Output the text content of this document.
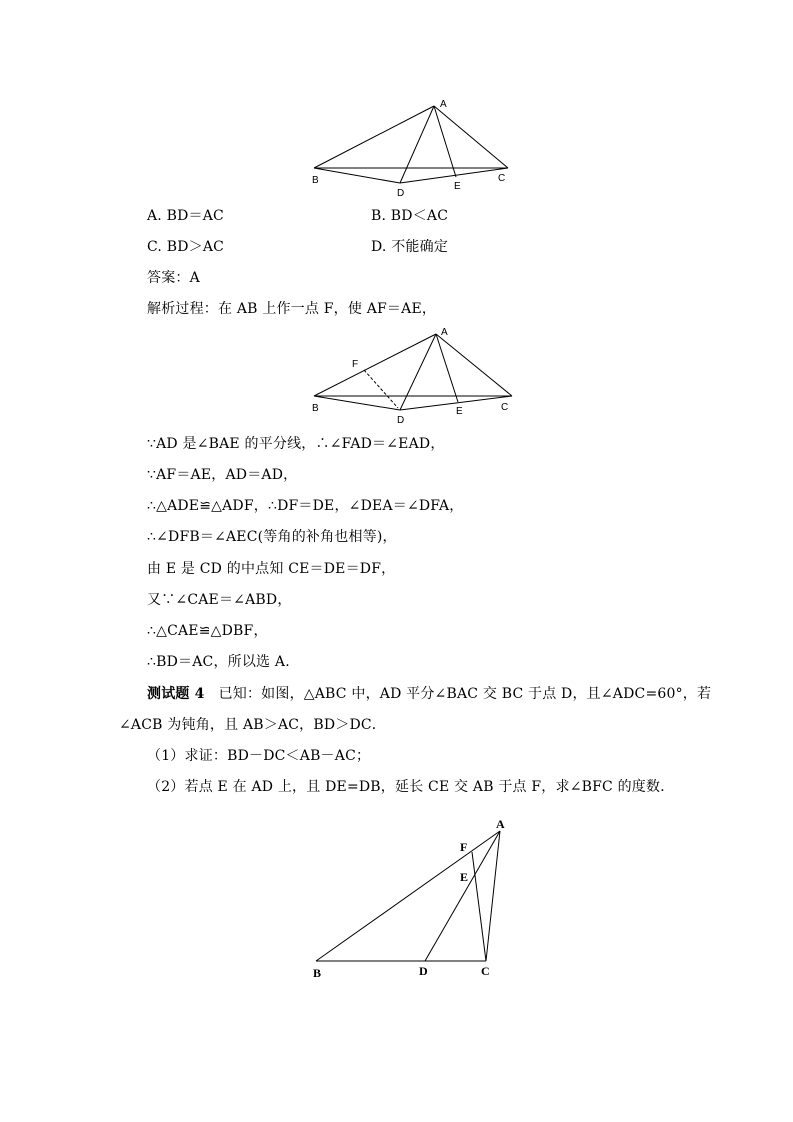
A
B	C
D
E
A. BD＝AC	B. BD＜AC
C. BD＞AC	D. 不能确定
答案：A
解析过程：在 AB 上作一点 F，使 AF＝AE，
A
F
B	C
D
E
∵AD 是∠BAE 的平分线，∴∠FAD＝∠EAD，
∵AF＝AE，AD＝AD，
∴△ADE≌△ADF，∴DF＝DE，∠DEA＝∠DFA，
∴∠DFB＝∠AEC(等角的补角也相等)，
由 E 是 CD 的中点知 CE＝DE＝DF，
又∵∠CAE＝∠ABD，
∴△CAE≌△DBF，
∴BD＝AC，所以选 A.
测试题 4 已知：如图，△ABC 中，AD 平分∠BAC 交 BC 于点 D，且∠ADC=60°，若
∠ACB 为钝角，且 AB＞AC，BD＞DC．
（1）求证：BD－DC＜AB－AC；
（2）若点 E 在 AD 上，且 DE=DB，延长 CE 交 AB 于点 F，求∠BFC 的度数．
A
F
E
B	D	C
